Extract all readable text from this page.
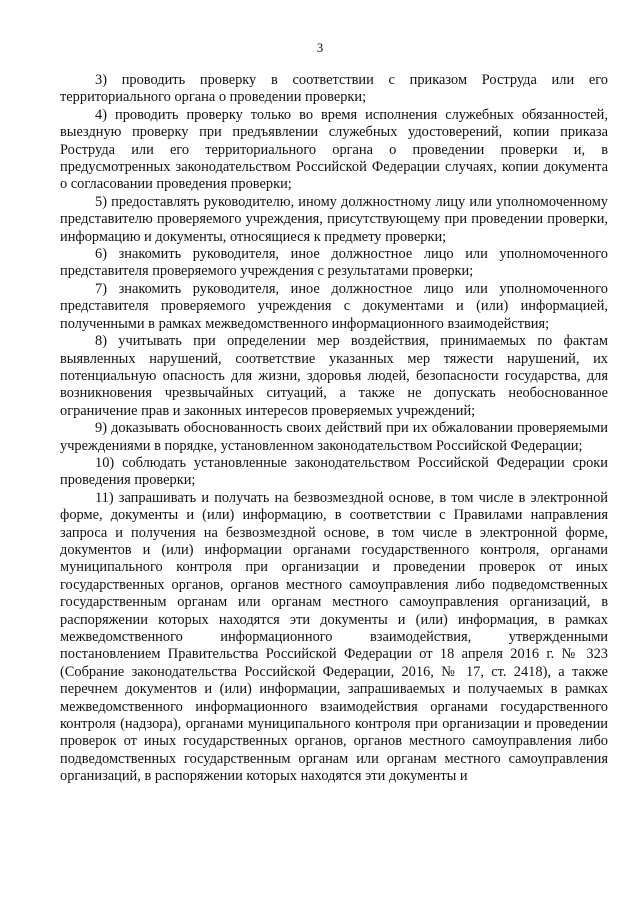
3

3) проводить проверку в соответствии с приказом Роструда или его территориального органа о проведении проверки;

4) проводить проверку только во время исполнения служебных обязанностей, выездную проверку при предъявлении служебных удостоверений, копии приказа Роструда или его территориального органа о проведении проверки и, в предусмотренных законодательством Российской Федерации случаях, копии документа о согласовании проведения проверки;

5) предоставлять руководителю, иному должностному лицу или уполномоченному представителю проверяемого учреждения, присутствующему при проведении проверки, информацию и документы, относящиеся к предмету проверки;

6) знакомить руководителя, иное должностное лицо или уполномоченного представителя проверяемого учреждения с результатами проверки;

7) знакомить руководителя, иное должностное лицо или уполномоченного представителя проверяемого учреждения с документами и (или) информацией, полученными в рамках межведомственного информационного взаимодействия;

8) учитывать при определении мер воздействия, принимаемых по фактам выявленных нарушений, соответствие указанных мер тяжести нарушений, их потенциальную опасность для жизни, здоровья людей, безопасности государства, для возникновения чрезвычайных ситуаций, а также не допускать необоснованное ограничение прав и законных интересов проверяемых учреждений;

9) доказывать обоснованность своих действий при их обжаловании проверяемыми учреждениями в порядке, установленном законодательством Российской Федерации;

10) соблюдать установленные законодательством Российской Федерации сроки проведения проверки;

11) запрашивать и получать на безвозмездной основе, в том числе в электронной форме, документы и (или) информацию, в соответствии с Правилами направления запроса и получения на безвозмездной основе, в том числе в электронной форме, документов и (или) информации органами государственного контроля, органами муниципального контроля при организации и проведении проверок от иных государственных органов, органов местного самоуправления либо подведомственных государственным органам или органам местного самоуправления организаций, в распоряжении которых находятся эти документы и (или) информация, в рамках межведомственного информационного взаимодействия, утвержденными постановлением Правительства Российской Федерации от 18 апреля 2016 г. № 323 (Собрание законодательства Российской Федерации, 2016, № 17, ст. 2418), а также перечнем документов и (или) информации, запрашиваемых и получаемых в рамках межведомственного информационного взаимодействия органами государственного контроля (надзора), органами муниципального контроля при организации и проведении проверок от иных государственных органов, органов местного самоуправления либо подведомственных государственным органам или органам местного самоуправления организаций, в распоряжении которых находятся эти документы и
